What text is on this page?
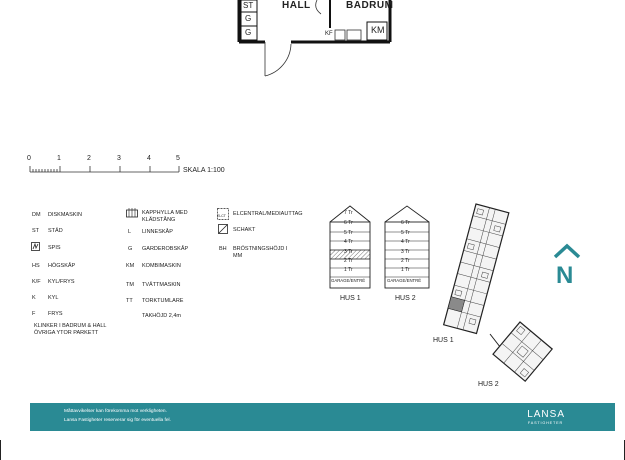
HALL	BADRUM
G
G
ST
KF	KM
0	1	2	3	4	5
SKALA 1:100
DM	DISKMASKIN
ST	STÄD
SPIS
HS	HÖGSKÅP
K/F	KYL/FRYS
K	KYL
F	FRYS
KLINKER I BADRUM & HALL
ÖVRIGA YTOR PARKETT
KAPPHYLLA MED KLÄDSTÅNG
L	LINNESKÅP
G	GARDEROBSKÅP
KM	KOMBIMASKIN
TM	TVÄTTMASKIN
TT	TORKTUMLARE
TAKHÖJD 2,4m
ELCT ELCENTRAL/MEDIAUTTAG
SCHAKT
BH	BRÖSTNINGSHÖJD I MM
7 Tr
6 Tr
5 Tr
4 Tr
3 Tr
2 Tr
1 Tr
GARAGE/ENTRÉ
HUS 1
6 Tr
5 Tr
4 Tr
3 Tr
2 Tr
1 Tr
GARAGE/ENTRÉ
HUS 2
HUS 1
HUS 2
N
Måttavvikelser kan förekomma mot verkligheten.
Lansa Fastigheter reserverar sig för eventuella fel.
LANSA
FASTIGHETER
